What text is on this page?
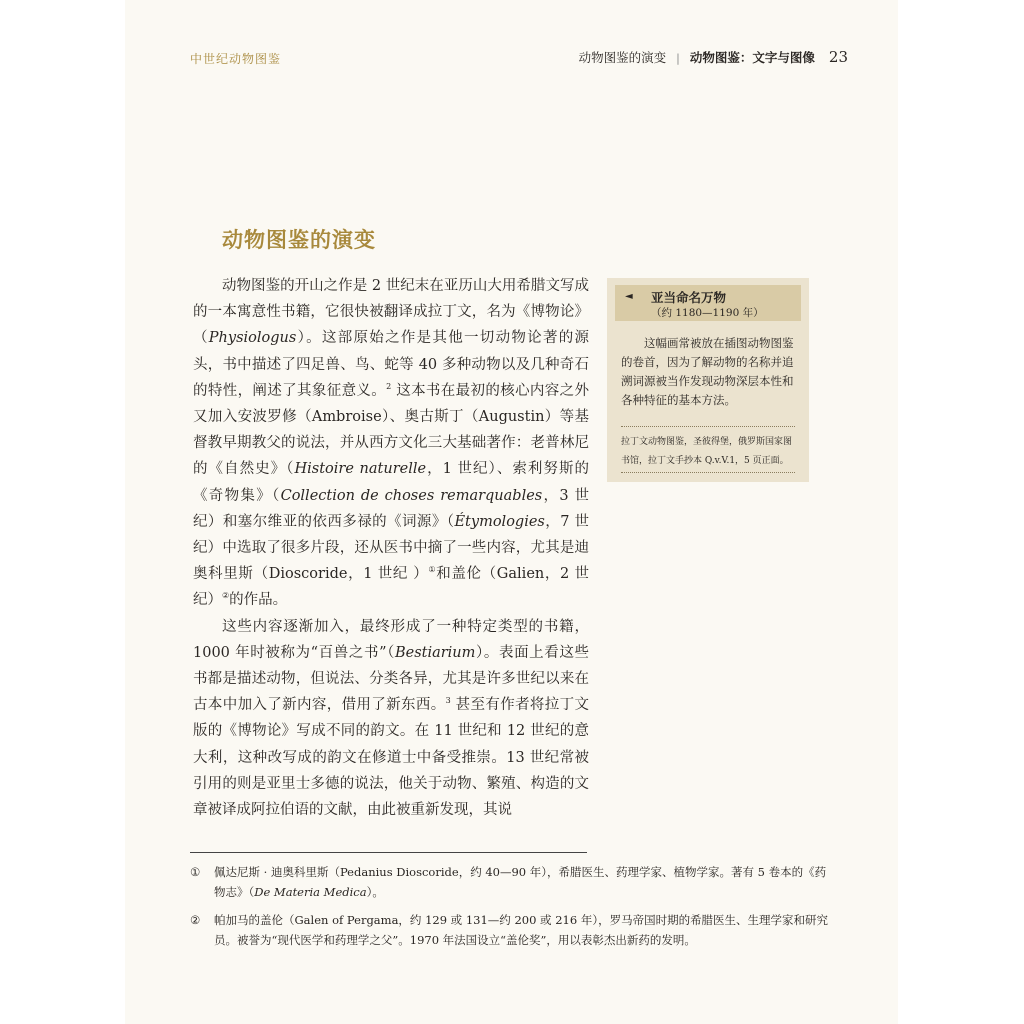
中世纪动物图鉴	动物图鉴的演变 | 动物图鉴：文字与图像 23
动物图鉴的演变

动物图鉴的开山之作是 2 世纪末在亚历山大用希腊文写成的一本寓意性书籍，它很快被翻译成拉丁文，名为《博物论》（Physiologus）。这部原始之作是其他一切动物论著的源头，书中描述了四足兽、鸟、蛇等 40 多种动物以及几种奇石的特性，阐述了其象征意义。$^2$ 这本书在最初的核心内容之外又加入安波罗修（Ambroise）、奥古斯丁（Augustin）等基督教早期教父的说法，并从西方文化三大基础著作：老普林尼的《自然史》（Histoire naturelle，1 世纪）、索利努斯的《奇物集》（Collection de choses remarquables，3 世纪）和塞尔维亚的依西多禄的《词源》（Étymologies，7 世纪）中选取了很多片段，还从医书中摘了一些内容，尤其是迪奥科里斯（Dioscoride，1 世纪 ）①和盖伦（Galien，2 世纪）②的作品。

这些内容逐渐加入，最终形成了一种特定类型的书籍，1000 年时被称为“百兽之书”（Bestiarium）。表面上看这些书都是描述动物，但说法、分类各异，尤其是许多世纪以来在古本中加入了新内容，借用了新东西。$^3$ 甚至有作者将拉丁文版的《博物论》写成不同的韵文。在 11 世纪和 12 世纪的意大利，这种改写成的韵文在修道士中备受推崇。13 世纪常被引用的则是亚里士多德的说法，他关于动物、繁殖、构造的文章被译成阿拉伯语的文献，由此被重新发现，其说

◄ 亚当命名万物
（约 1180—1190 年）
这幅画常被放在插图动物图鉴的卷首，因为了解动物的名称并追溯词源被当作发现动物深层本性和各种特征的基本方法。
拉丁文动物图鉴，圣彼得堡，俄罗斯国家图书馆，拉丁文手抄本 Q.v.V.1，5 页正面。
①	佩达尼斯 · 迪奥科里斯（Pedanius Dioscoride，约 40—90 年），希腊医生、药理学家、植物学家。著有 5 卷本的《药物志》（De Materia Medica）。
②	帕加马的盖伦（Galen of Pergama，约 129 或 131—约 200 或 216 年），罗马帝国时期的希腊医生、生理学家和研究员。被誉为“现代医学和药理学之父”。1970 年法国设立“盖伦奖”，用以表彰杰出新药的发明。
